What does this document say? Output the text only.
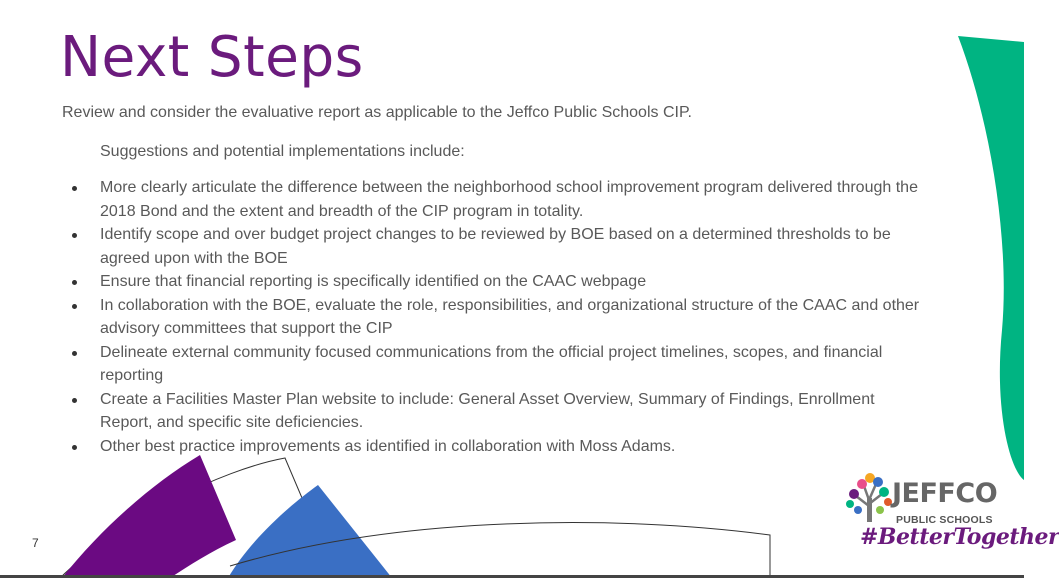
Next Steps

Review and consider the evaluative report as applicable to the Jeffco Public Schools CIP.

Suggestions and potential implementations include:

More clearly articulate the difference between the neighborhood school improvement program delivered through the 2018 Bond and the extent and breadth of the CIP program in totality.
Identify scope and over budget project changes to be reviewed by BOE based on a determined thresholds to be agreed upon with the BOE
Ensure that financial reporting is specifically identified on the CAAC webpage
In collaboration with the BOE, evaluate the role, responsibilities, and organizational structure of the CAAC and other advisory committees that support the CIP
Delineate external community focused communications from the official project timelines, scopes, and financial reporting
Create a Facilities Master Plan website to include: General Asset Overview, Summary of Findings, Enrollment Report, and specific site deficiencies.
Other best practice improvements as identified in collaboration with Moss Adams.
7
JEFFCO
PUBLIC SCHOOLS
#BetterTogether
